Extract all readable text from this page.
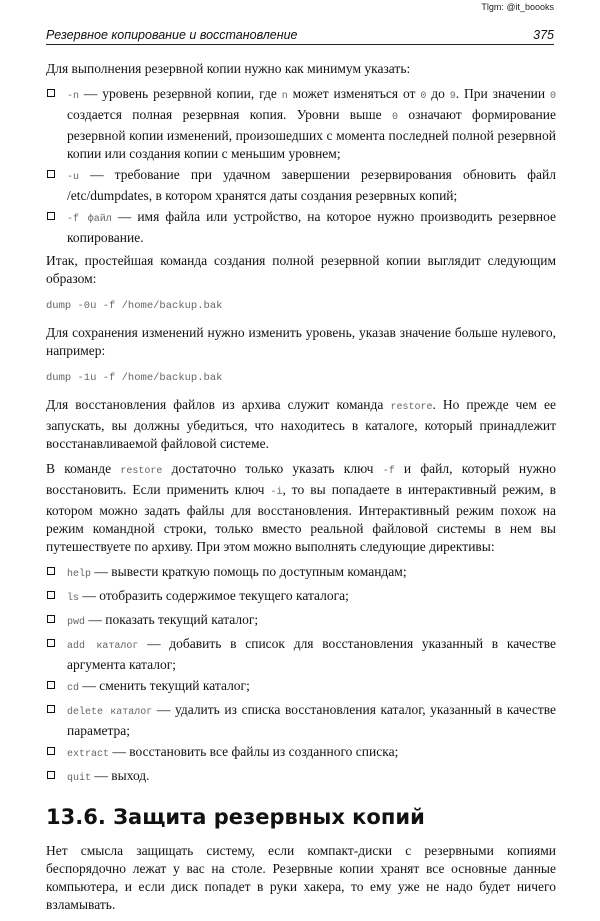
Tlgm: @it_boooks
Резервное копирование и восстановление	375

Для выполнения резервной копии нужно как минимум указать:

-n — уровень резервной копии, где n может изменяться от 0 до 9. При значении 0 создается полная резервная копия. Уровни выше 0 означают формирование резервной копии изменений, произошедших с момента последней полной резервной копии или создания копии с меньшим уровнем;
-u — требование при удачном завершении резервирования обновить файл /etc/dumpdates, в котором хранятся даты создания резервных копий;
-f файл — имя файла или устройство, на которое нужно производить резервное копирование.

Итак, простейшая команда создания полной резервной копии выглядит следующим образом:

dump -0u -f /home/backup.bak

Для сохранения изменений нужно изменить уровень, указав значение больше нулевого, например:

dump -1u -f /home/backup.bak

Для восстановления файлов из архива служит команда restore. Но прежде чем ее запускать, вы должны убедиться, что находитесь в каталоге, который принадлежит восстанавливаемой файловой системе.

В команде restore достаточно только указать ключ -f и файл, который нужно восстановить. Если применить ключ -i, то вы попадаете в интерактивный режим, в котором можно задать файлы для восстановления. Интерактивный режим похож на режим командной строки, только вместо реальной файловой системы в нем вы путешествуете по архиву. При этом можно выполнять следующие директивы:

help — вывести краткую помощь по доступным командам;
ls — отобразить содержимое текущего каталога;
pwd — показать текущий каталог;
add каталог — добавить в список для восстановления указанный в качестве аргумента каталог;
cd — сменить текущий каталог;
delete каталог — удалить из списка восстановления каталог, указанный в качестве параметра;
extract — восстановить все файлы из созданного списка;
quit — выход.
13.6. Защита резервных копий

Нет смысла защищать систему, если компакт-диски с резервными копиями беспорядочно лежат у вас на столе. Резервные копии хранят все основные данные компьютера, и если диск попадет в руки хакера, то ему уже не надо будет ничего взламывать.
